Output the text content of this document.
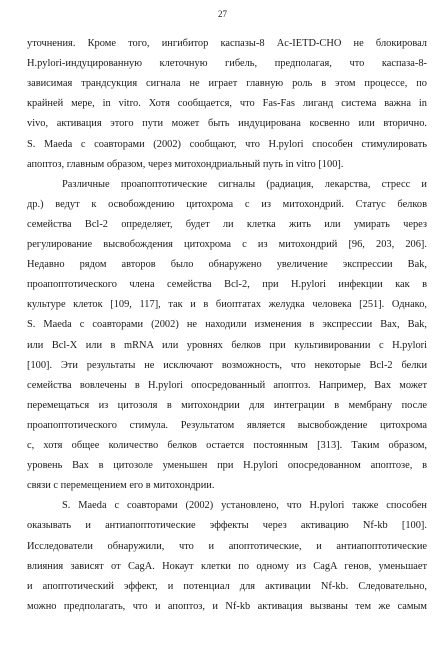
27
уточнения. Кроме того, ингибитор каспазы-8 Ac-IETD-CHO не блокировал
H.pylori-индуцированную клеточную гибель, предполагая, что каспаза-8-
зависимая трандсукция сигнала не играет главную роль в этом процессе, по
крайней мере, in vitro. Хотя сообщается, что Fas-Fas лиганд система важна in
vivo, активация этого пути может быть индуцирована косвенно или вторично.
S. Maeda с соавторами (2002) сообщают, что H.pylori способен стимулировать
апоптоз, главным образом, через митохондриальный путь in vitro [100].
Различные проапоптотические сигналы (радиация, лекарства, стресс и
др.) ведут к освобождению цитохрома с из митохондрий. Статус белков
семейства Bcl-2 определяет, будет ли клетка жить или умирать через
регулирование высвобождения цитохрома с из митохондрий [96, 203, 206].
Недавно рядом авторов было обнаружено увеличение экспрессии Bak,
проапоптотического члена семейства Bcl-2, при H.pylori инфекции как в
культуре клеток [109, 117], так и в биоптатах желудка человека [251]. Однако,
S. Maeda с соавторами (2002) не находили изменения в экспрессии Bax, Bak,
или Bcl-X или в mRNA или уровнях белков при культивировании с H.pylori
[100]. Эти результаты не исключают возможность, что некоторые Bcl-2 белки
семейства вовлечены в H.pylori опосредованный апоптоз. Например, Bax может
перемещаться из цитозоля в митохондрии для интеграции в мембрану после
проапоптотического стимула. Результатом является высвобождение цитохрома
с, хотя общее количество белков остается постоянным [313]. Таким образом,
уровень Bax в цитозоле уменьшен при H.pylori опосредованном апоптозе, в
связи с перемещением его в митохондрии.
S. Maeda с соавторами (2002) установлено, что H.pylori также способен
оказывать и антиапоптотические эффекты через активацию Nf-kb [100].
Исследователи обнаружили, что и апоптотические, и антиапоптотические
влияния зависят от CagA. Нокаут клетки по одному из CagA генов, уменьшает
и апоптотический эффект, и потенциал для активации Nf-kb. Следовательно,
можно предполагать, что и апоптоз, и Nf-kb активация вызваны тем же самым
